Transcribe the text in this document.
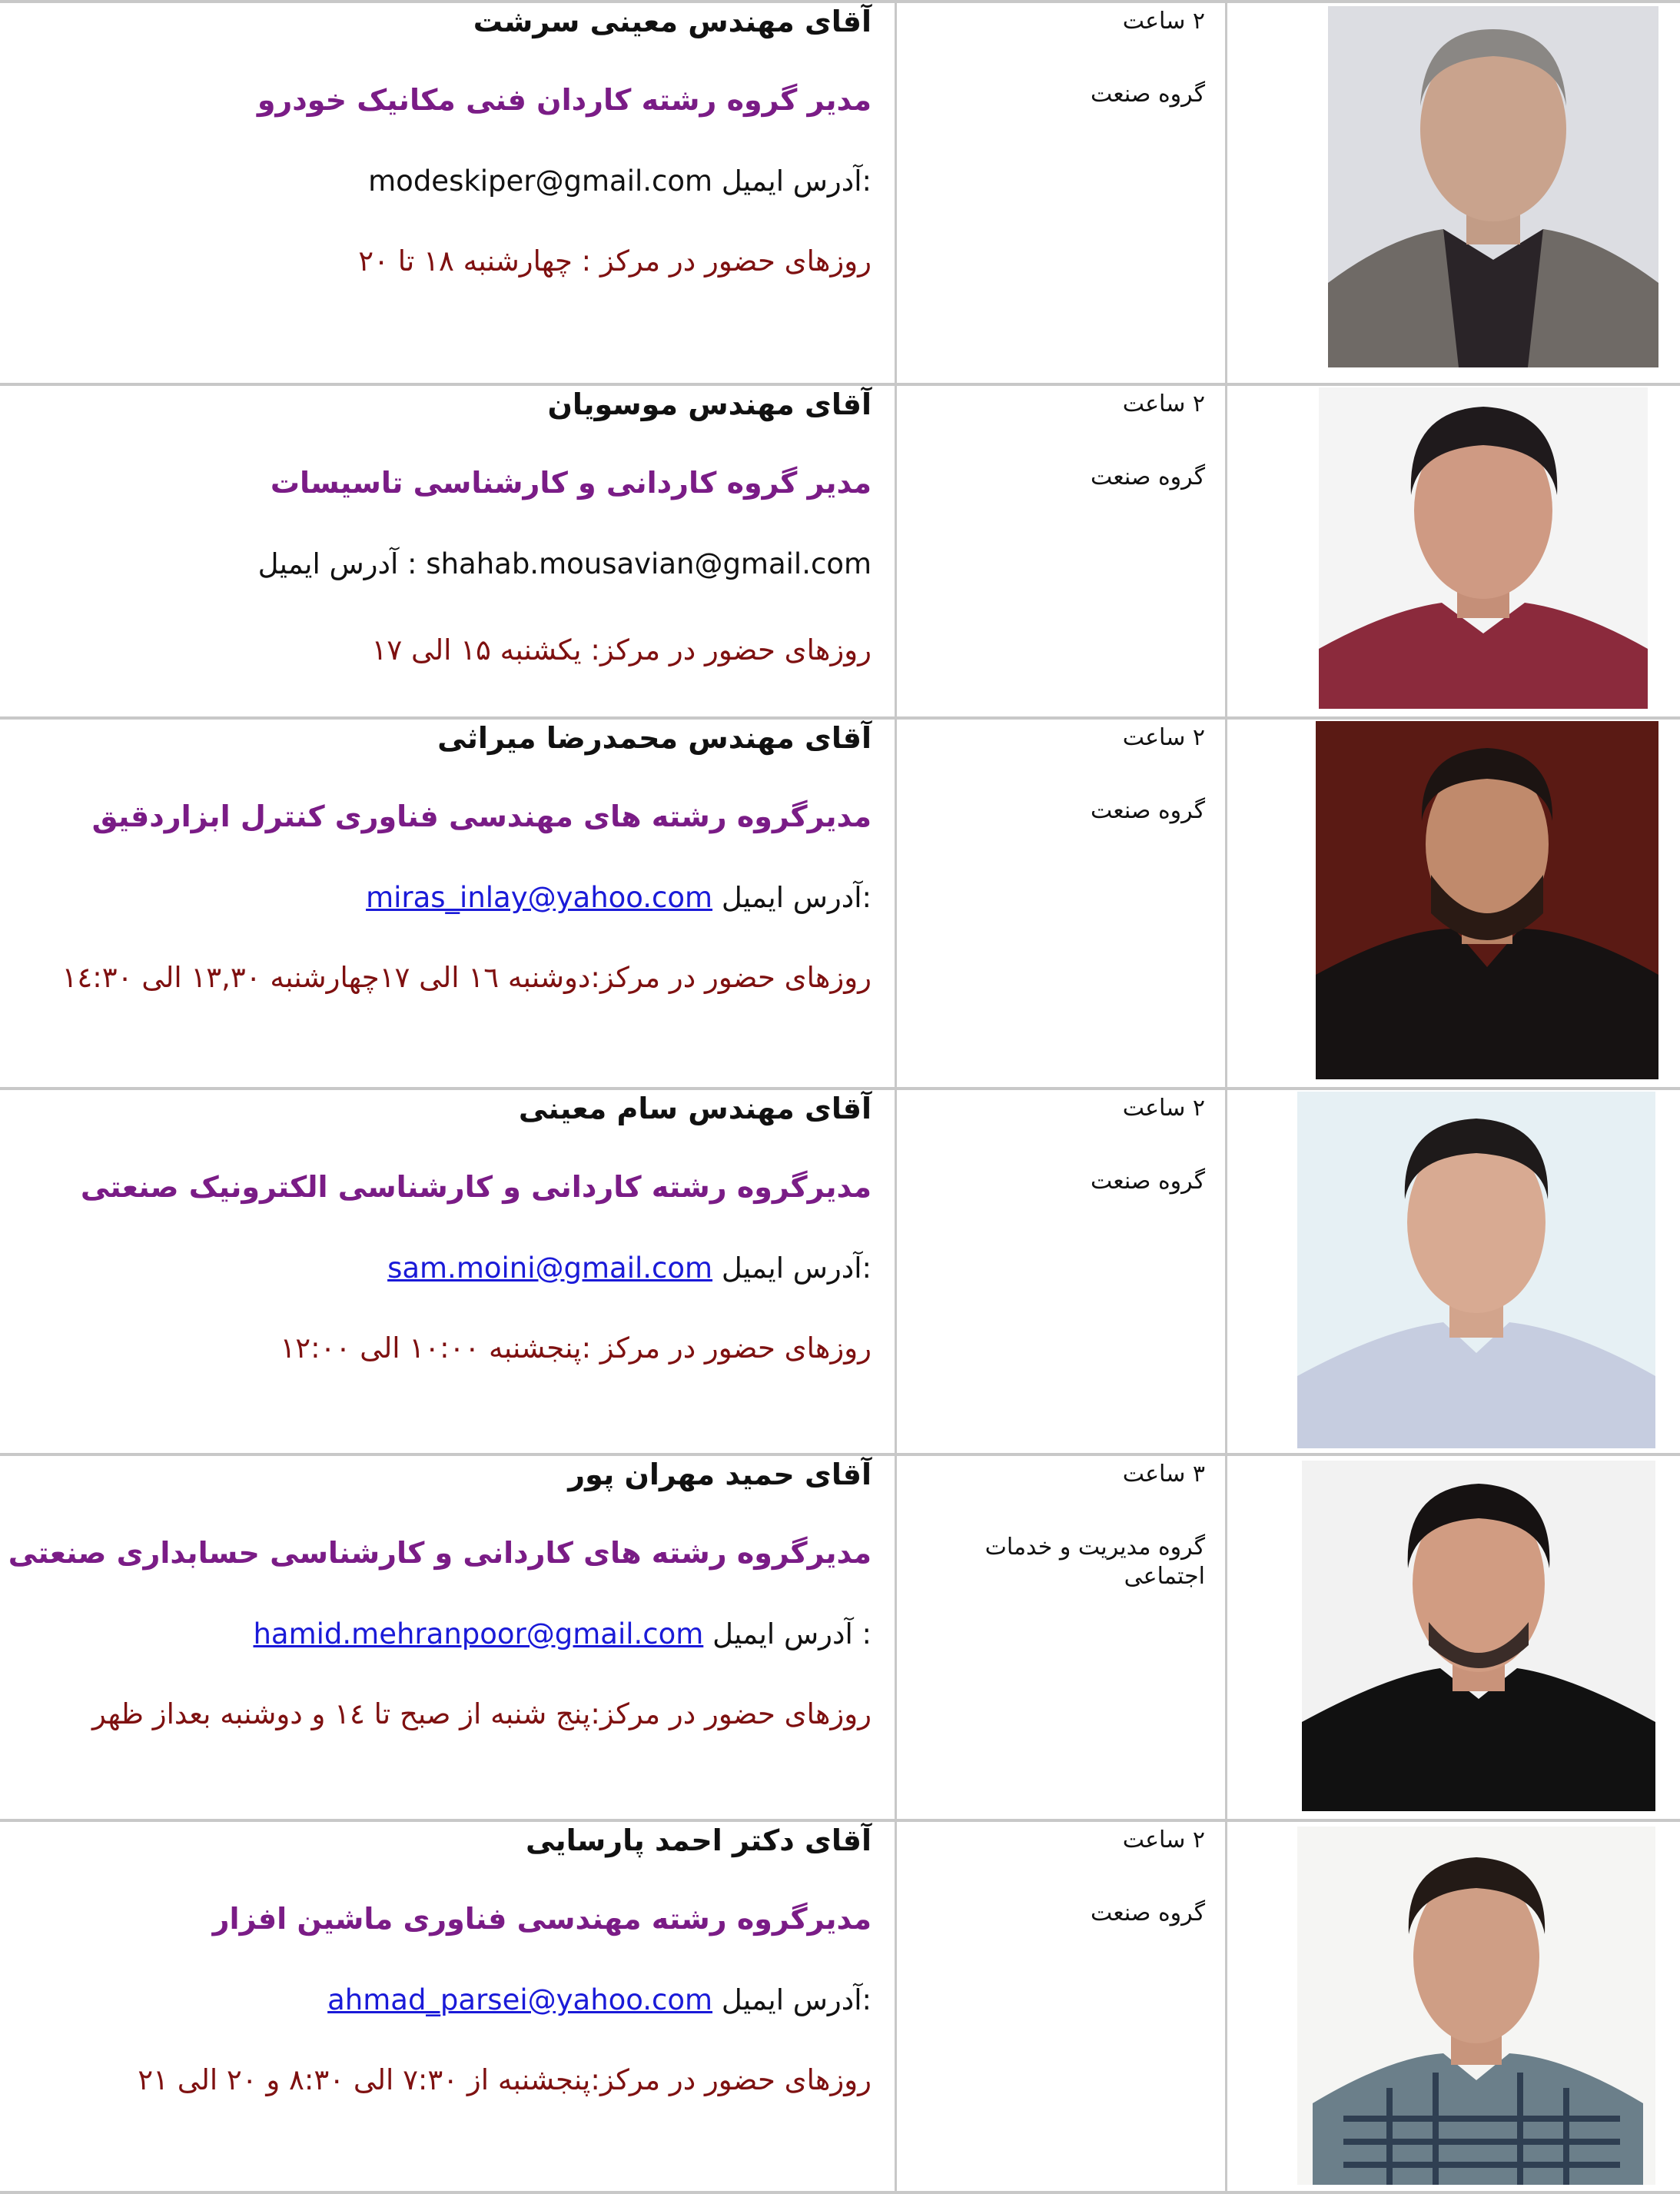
آقای مهندس معینی سرشت
مدیر گروه رشته کاردان فنی مکانیک خودرو
:آدرس ایمیل modeskiper@gmail.com
روزهای حضور در مرکز : چهارشنبه ۱۸ تا ۲۰
۲ ساعت
گروه صنعت
آقای مهندس موسویان
مدیر گروه کاردانی و کارشناسی تاسیسات
shahab.mousavian@gmail.com : آدرس ایمیل
روزهای حضور در مرکز: یکشنبه ۱۵ الی ۱۷
۲ ساعت
گروه صنعت
آقای مهندس محمدرضا میراثی
مدیرگروه رشته های مهندسی فناوری کنترل ابزاردقیق
:آدرس ایمیل miras_inlay@yahoo.com
روزهای حضور در مرکز:دوشنبه ۱٦ الی ۱۷چهارشنبه ۱۳,۳۰ الی ۱٤:۳۰
۲ ساعت
گروه صنعت
آقای مهندس سام معینی
مدیرگروه رشته کاردانی و کارشناسی الکترونیک صنعتی
:آدرس ایمیل sam.moini@gmail.com
روزهای حضور در مرکز :پنجشنبه ۱۰:۰۰ الی ۱۲:۰۰
۲ ساعت
گروه صنعت
آقای حمید مهران پور
مدیرگروه رشته های کاردانی و کارشناسی حسابداری صنعتی
: آدرس ایمیل hamid.mehranpoor@gmail.com
روزهای حضور در مرکز:پنج شنبه از صبح تا ١٤ و دوشنبه بعداز ظهر
۳ ساعت
گروه مدیریت و خدمات اجتماعی
آقای دکتر احمد پارسایی
مدیرگروه رشته مهندسی فناوری ماشین افزار
:آدرس ایمیل ahmad_parsei@yahoo.com
روزهای حضور در مرکز:پنجشنبه از ۷:۳۰ الی ۸:۳۰ و ۲۰ الی ۲۱
۲ ساعت
گروه صنعت
